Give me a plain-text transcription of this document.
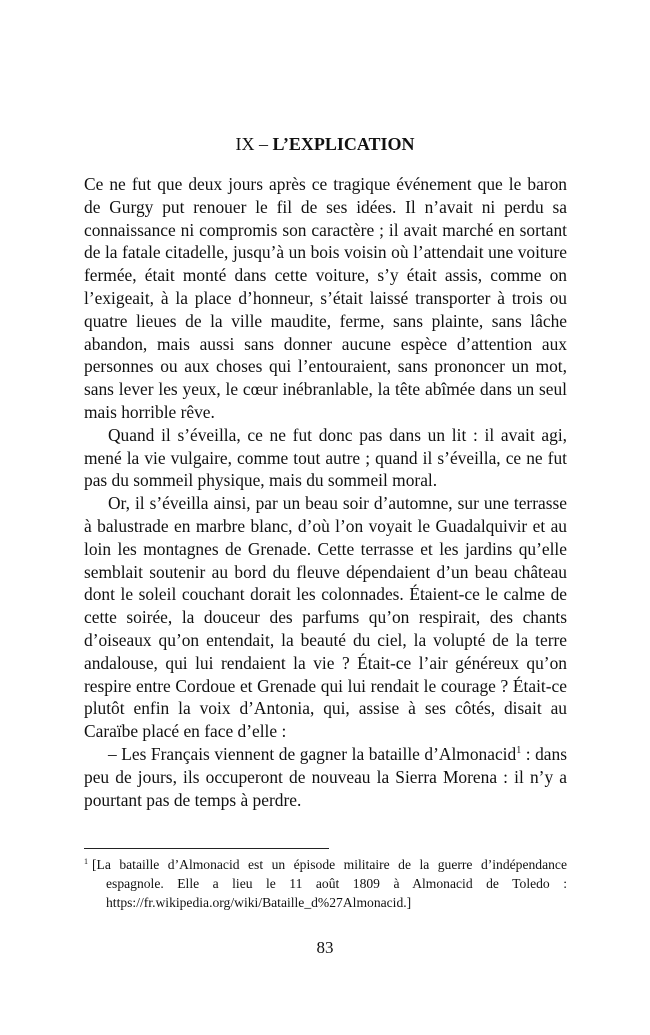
IX – L’EXPLICATION

Ce ne fut que deux jours après ce tragique événement que le baron de Gurgy put renouer le fil de ses idées. Il n’avait ni perdu sa connaissance ni compromis son caractère ; il avait marché en sortant de la fatale citadelle, jusqu’à un bois voisin où l’attendait une voiture fermée, était monté dans cette voiture, s’y était assis, comme on l’exigeait, à la place d’honneur, s’était laissé transporter à trois ou quatre lieues de la ville maudite, ferme, sans plainte, sans lâche abandon, mais aussi sans donner aucune espèce d’attention aux personnes ou aux choses qui l’entouraient, sans prononcer un mot, sans lever les yeux, le cœur inébranlable, la tête abîmée dans un seul mais horrible rêve.

Quand il s’éveilla, ce ne fut donc pas dans un lit : il avait agi, mené la vie vulgaire, comme tout autre ; quand il s’éveilla, ce ne fut pas du sommeil physique, mais du sommeil moral.

Or, il s’éveilla ainsi, par un beau soir d’automne, sur une terrasse à balustrade en marbre blanc, d’où l’on voyait le Guadalquivir et au loin les montagnes de Grenade. Cette terrasse et les jardins qu’elle semblait soutenir au bord du fleuve dépendaient d’un beau château dont le soleil couchant dorait les colonnades. Étaient-ce le calme de cette soirée, la douceur des parfums qu’on respirait, des chants d’oiseaux qu’on entendait, la beauté du ciel, la volupté de la terre andalouse, qui lui rendaient la vie ? Était-ce l’air généreux qu’on respire entre Cordoue et Grenade qui lui rendait le courage ? Était-ce plutôt enfin la voix d’Antonia, qui, assise à ses côtés, disait au Caraïbe placé en face d’elle :

– Les Français viennent de gagner la bataille d’Almonacid$^1$ : dans peu de jours, ils occuperont de nouveau la Sierra Morena : il n’y a pourtant pas de temps à perdre.

$^1$ [La bataille d’Almonacid est un épisode militaire de la guerre d’indépendance espagnole. Elle a lieu le 11 août 1809 à Almonacid de Toledo : https://fr.wikipedia.org/wiki/Bataille_d%27Almonacid.]

83
